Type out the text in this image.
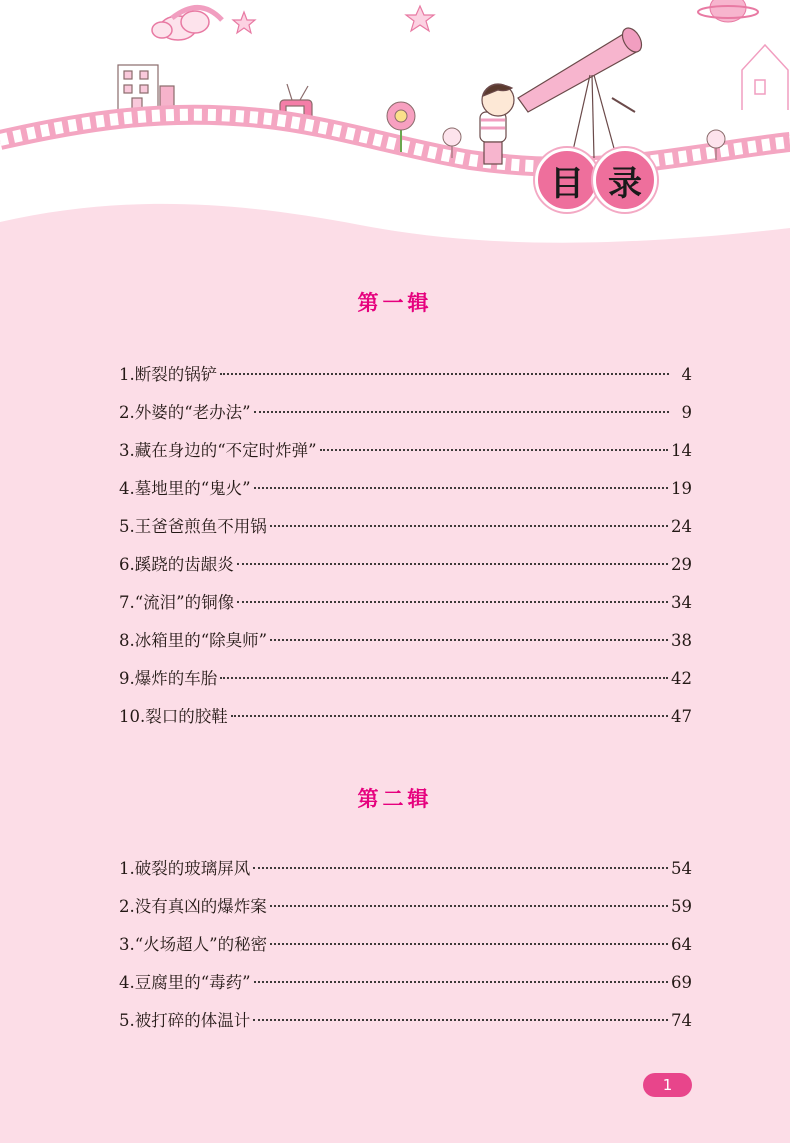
目 录
第一辑
1.断裂的锅铲	4
2.外婆的“老办法”	9
3.藏在身边的“不定时炸弹”	14
4.墓地里的“鬼火”	19
5.王爸爸煎鱼不用锅	24
6.蹊跷的齿龈炎	29
7.“流泪”的铜像	34
8.冰箱里的“除臭师”	38
9.爆炸的车胎	42
10.裂口的胶鞋	47
第二辑
1.破裂的玻璃屏风	54
2.没有真凶的爆炸案	59
3.“火场超人”的秘密	64
4.豆腐里的“毒药”	69
5.被打碎的体温计	74
1
